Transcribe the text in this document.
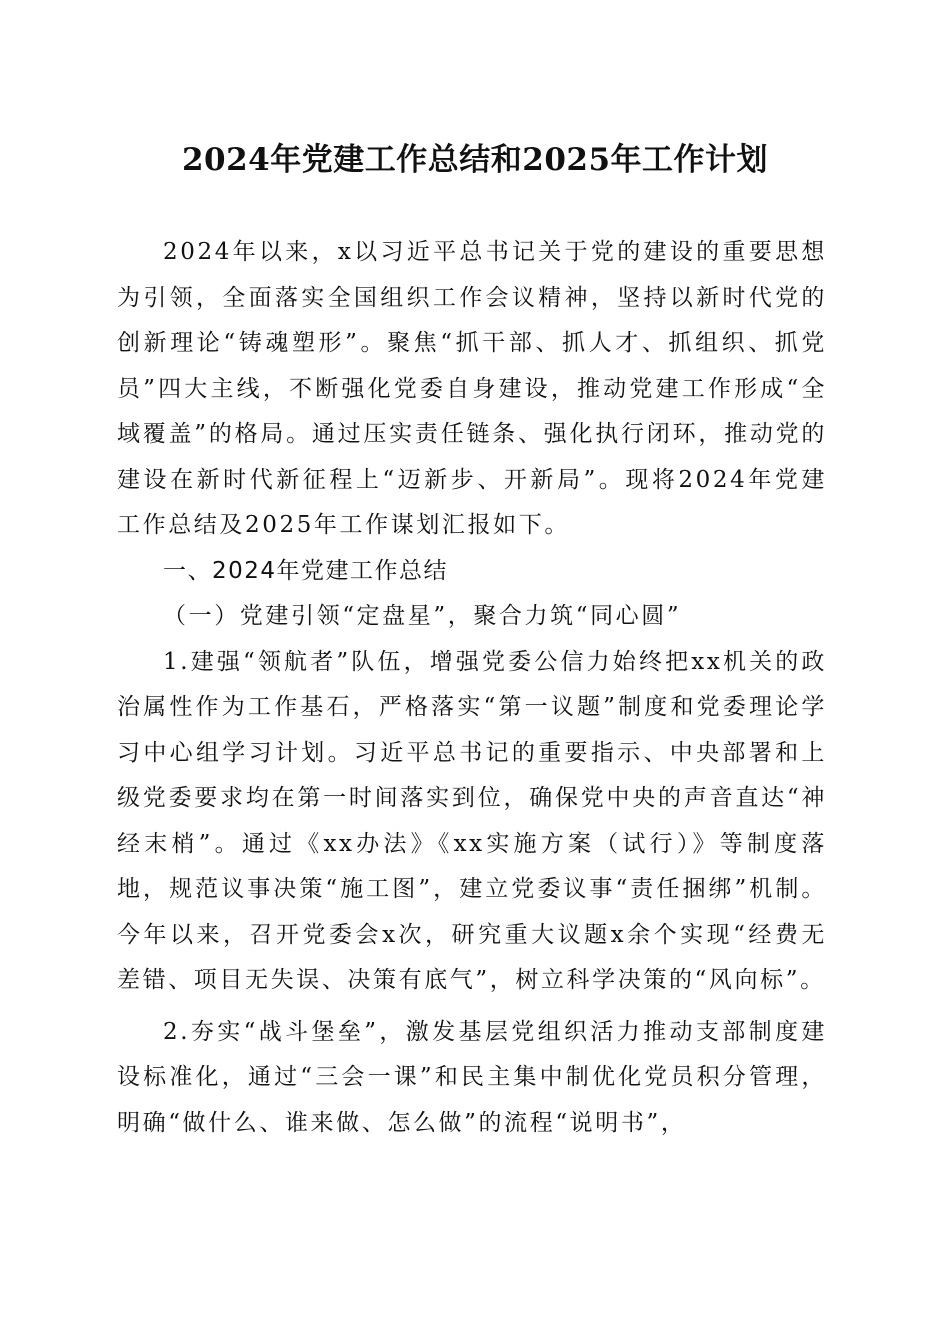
2024年党建工作总结和2025年工作计划

2024年以来，x以习近平总书记关于党的建设的重要思想为引领，全面落实全国组织工作会议精神，坚持以新时代党的创新理论“铸魂塑形”。聚焦“抓干部、抓人才、抓组织、抓党员”四大主线，不断强化党委自身建设，推动党建工作形成“全域覆盖”的格局。通过压实责任链条、强化执行闭环，推动党的建设在新时代新征程上“迈新步、开新局”。现将2024年党建工作总结及2025年工作谋划汇报如下。

一、2024年党建工作总结
（一）党建引领“定盘星”，聚合力筑“同心圆”

1.建强“领航者”队伍，增强党委公信力始终把xx机关的政治属性作为工作基石，严格落实“第一议题”制度和党委理论学习中心组学习计划。习近平总书记的重要指示、中央部署和上级党委要求均在第一时间落实到位，确保党中央的声音直达“神经末梢”。通过《xx办法》《xx实施方案（试行）》等制度落地，规范议事决策“施工图”，建立党委议事“责任捆绑”机制。今年以来，召开党委会x次，研究重大议题x余个实现“经费无差错、项目无失误、决策有底气”，树立科学决策的“风向标”。

2.夯实“战斗堡垒”，激发基层党组织活力推动支部制度建设标准化，通过“三会一课”和民主集中制优化党员积分管理，明确“做什么、谁来做、怎么做”的流程“说明书”，
